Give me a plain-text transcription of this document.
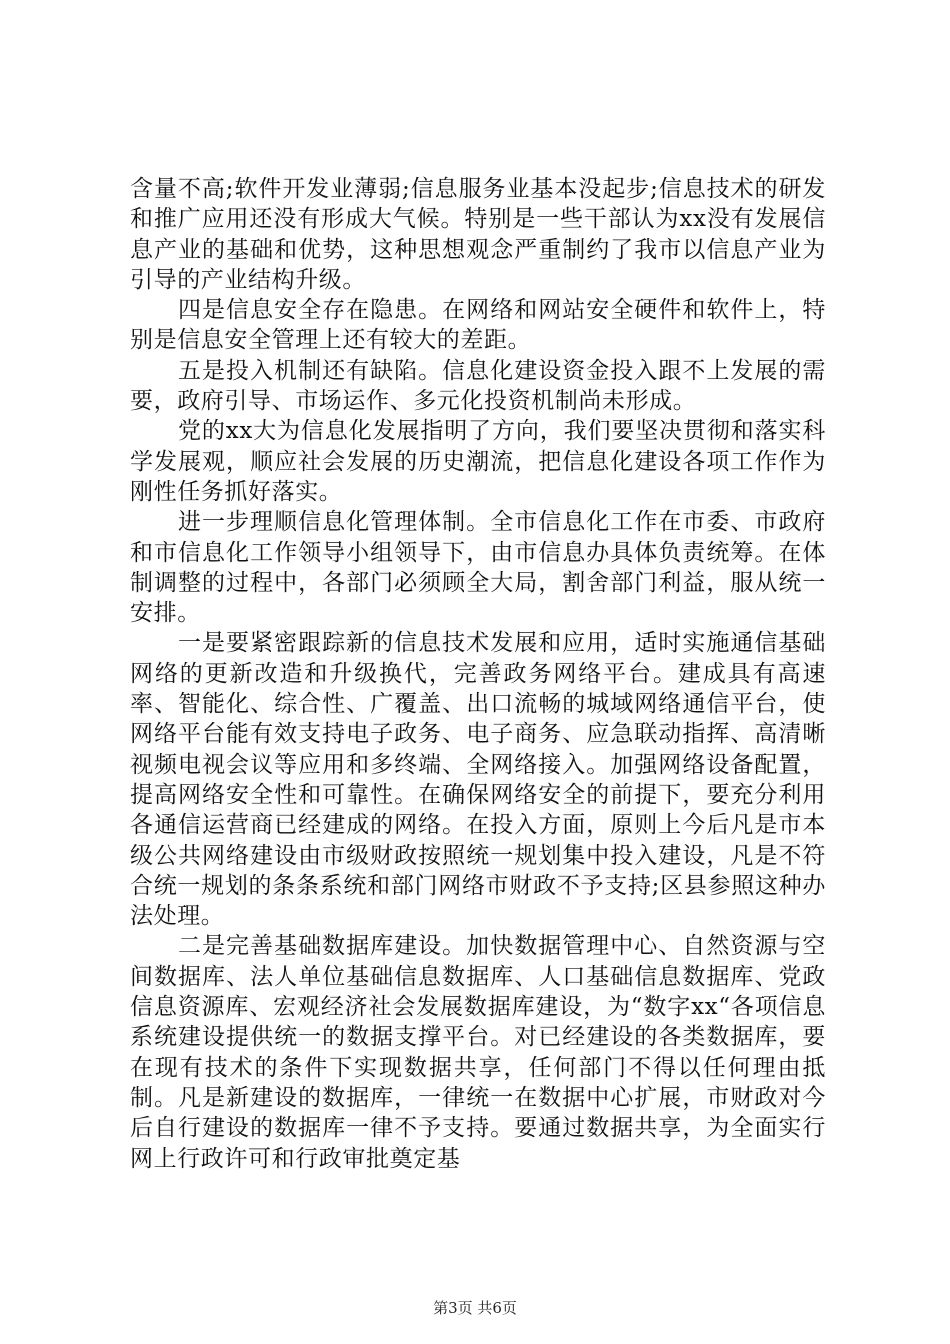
含量不高;软件开发业薄弱;信息服务业基本没起步;信息技术的研发和推广应用还没有形成大气候。特别是一些干部认为xx没有发展信息产业的基础和优势，这种思想观念严重制约了我市以信息产业为引导的产业结构升级。

四是信息安全存在隐患。在网络和网站安全硬件和软件上，特别是信息安全管理上还有较大的差距。

五是投入机制还有缺陷。信息化建设资金投入跟不上发展的需要，政府引导、市场运作、多元化投资机制尚未形成。

党的xx大为信息化发展指明了方向，我们要坚决贯彻和落实科学发展观，顺应社会发展的历史潮流，把信息化建设各项工作作为刚性任务抓好落实。

进一步理顺信息化管理体制。全市信息化工作在市委、市政府和市信息化工作领导小组领导下，由市信息办具体负责统筹。在体制调整的过程中，各部门必须顾全大局，割舍部门利益，服从统一安排。

一是要紧密跟踪新的信息技术发展和应用，适时实施通信基础网络的更新改造和升级换代，完善政务网络平台。建成具有高速率、智能化、综合性、广覆盖、出口流畅的城域网络通信平台，使网络平台能有效支持电子政务、电子商务、应急联动指挥、高清晰视频电视会议等应用和多终端、全网络接入。加强网络设备配置，提高网络安全性和可靠性。在确保网络安全的前提下，要充分利用各通信运营商已经建成的网络。在投入方面，原则上今后凡是市本级公共网络建设由市级财政按照统一规划集中投入建设，凡是不符合统一规划的条条系统和部门网络市财政不予支持;区县参照这种办法处理。

二是完善基础数据库建设。加快数据管理中心、自然资源与空间数据库、法人单位基础信息数据库、人口基础信息数据库、党政信息资源库、宏观经济社会发展数据库建设，为“数字xx“各项信息系统建设提供统一的数据支撑平台。对已经建设的各类数据库，要在现有技术的条件下实现数据共享，任何部门不得以任何理由抵制。凡是新建设的数据库，一律统一在数据中心扩展，市财政对今后自行建设的数据库一律不予支持。要通过数据共享，为全面实行网上行政许可和行政审批奠定基

第3页 共6页
